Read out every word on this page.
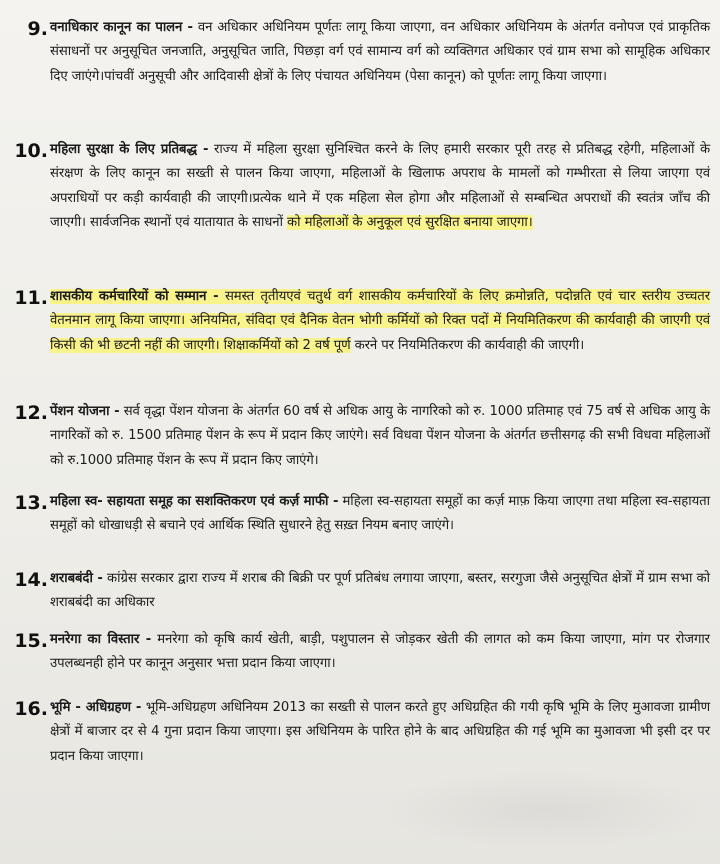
9. वनाधिकार कानून का पालन - वन अधिकार अधिनियम पूर्णतः लागू किया जाएगा, वन अधिकार अधिनियम के अंतर्गत वनोपज एवं प्राकृतिक संसाधनों पर अनुसूचित जनजाति, अनुसूचित जाति, पिछड़ा वर्ग एवं सामान्य वर्ग को व्यक्तिगत अधिकार एवं ग्राम सभा को सामूहिक अधिकार दिए जाएंगे।पांचवीं अनुसूची और आदिवासी क्षेत्रों के लिए पंचायत अधिनियम (पेसा कानून) को पूर्णतः लागू किया जाएगा।
10. महिला सुरक्षा के लिए प्रतिबद्ध - राज्य में महिला सुरक्षा सुनिश्चित करने के लिए हमारी सरकार पूरी तरह से प्रतिबद्ध रहेगी, महिलाओं के संरक्षण के लिए कानून का सख्ती से पालन किया जाएगा, महिलाओं के खिलाफ अपराध के मामलों को गम्भीरता से लिया जाएगा एवं अपराधियों पर कड़ी कार्यवाही की जाएगी।प्रत्येक थाने में एक महिला सेल होगा और महिलाओं से सम्बन्धित अपराधों की स्वतंत्र जाँच की जाएगी। सार्वजनिक स्थानों एवं यातायात के साधनों को महिलाओं के अनुकूल एवं सुरक्षित बनाया जाएगा।
11. शासकीय कर्मचारियों को सम्मान - समस्त तृतीयएवं चतुर्थ वर्ग शासकीय कर्मचारियों के लिए क्रमोन्नति, पदोन्नति एवं चार स्तरीय उच्चतर वेतनमान लागू किया जाएगा। अनियमित, संविदा एवं दैनिक वेतन भोगी कर्मियों को रिक्त पदों में नियमितिकरण की कार्यवाही की जाएगी एवं किसी की भी छटनी नहीं की जाएगी। शिक्षाकर्मियों को 2 वर्ष पूर्ण करने पर नियमितिकरण की कार्यवाही की जाएगी।
12. पेंशन योजना - सर्व वृद्धा पेंशन योजना के अंतर्गत 60 वर्ष से अधिक आयु के नागरिको को रु. 1000 प्रतिमाह एवं 75 वर्ष से अधिक आयु के नागरिकों को रु. 1500 प्रतिमाह पेंशन के रूप में प्रदान किए जाएंगे। सर्व विधवा पेंशन योजना के अंतर्गत छत्तीसगढ़ की सभी विधवा महिलाओं को रु.1000 प्रतिमाह पेंशन के रूप में प्रदान किए जाएंगे।
13. महिला स्व- सहायता समूह का सशक्तिकरण एवं कर्ज़ माफी - महिला स्व-सहायता समूहों का कर्ज़ माफ़ किया जाएगा तथा महिला स्व-सहायता समूहों को धोखाधड़ी से बचाने एवं आर्थिक स्थिति सुधारने हेतु सख़्त नियम बनाए जाएंगे।
14. शराबबंदी - कांग्रेस सरकार द्वारा राज्य में शराब की बिक्री पर पूर्ण प्रतिबंध लगाया जाएगा, बस्तर, सरगुजा जैसे अनुसूचित क्षेत्रों में ग्राम सभा को शराबबंदी का अधिकार
15. मनरेगा का विस्तार - मनरेगा को कृषि कार्य खेती, बाड़ी, पशुपालन से जोड़कर खेती की लागत को कम किया जाएगा, मांग पर रोजगार उपलब्धनही होने पर कानून अनुसार भत्ता प्रदान किया जाएगा।
16. भूमि - अधिग्रहण - भूमि-अधिग्रहण अधिनियम 2013 का सख्ती से पालन करते हुए अधिग्रहित की गयी कृषि भूमि के लिए मुआवजा ग्रामीण क्षेत्रों में बाजार दर से 4 गुना प्रदान किया जाएगा। इस अधिनियम के पारित होने के बाद अधिग्रहित की गई भूमि का मुआवजा भी इसी दर पर प्रदान किया जाएगा।
